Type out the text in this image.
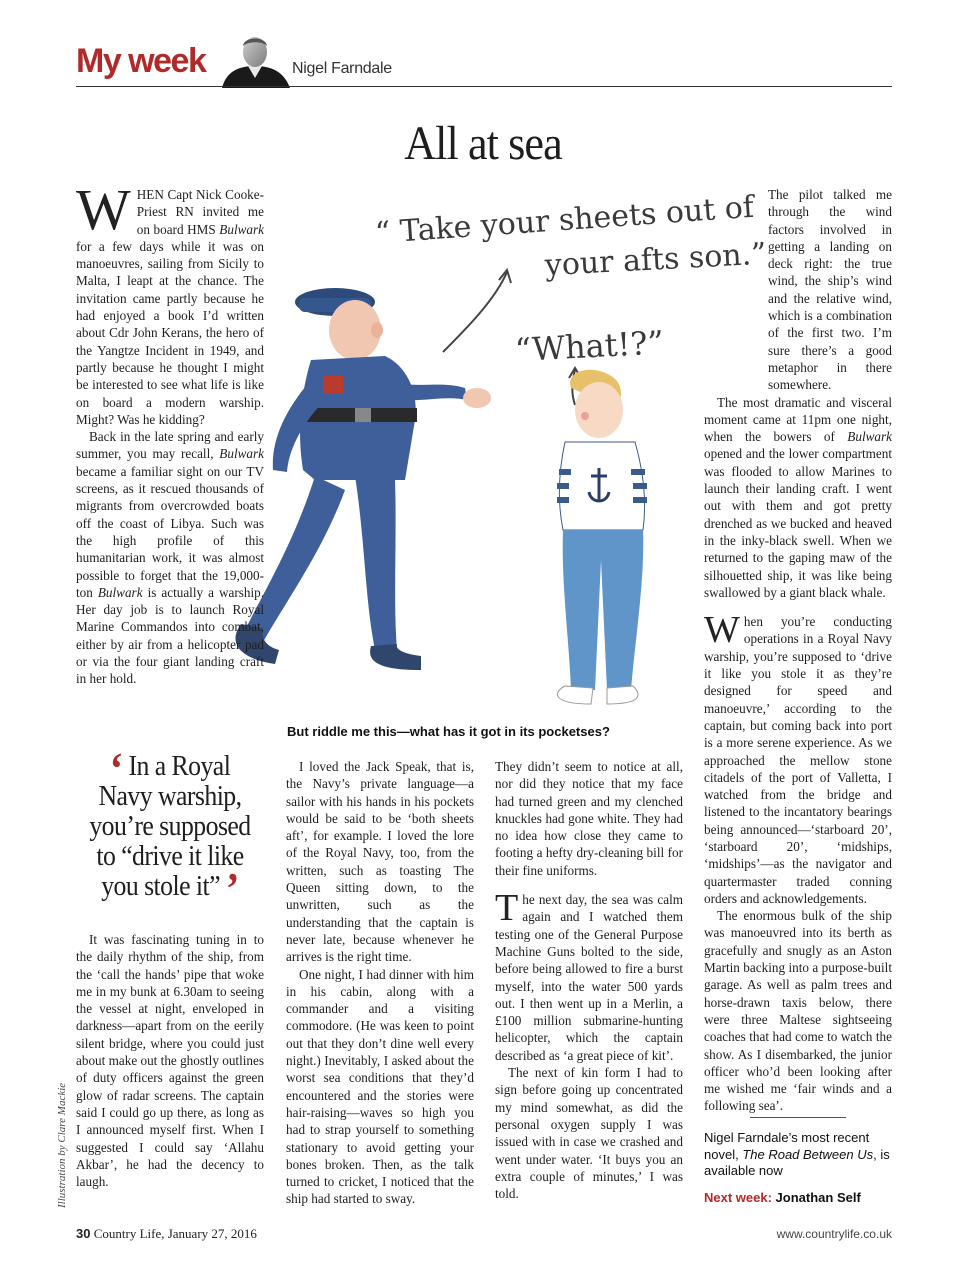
My week	Nigel Farndale
All at sea
“ Take your sheets out of
your afts son.”
“What!?”
But riddle me this—what has it got in its pocketses?

WHEN Capt Nick Cooke-Priest RN invited me on board HMS Bulwark for a few days while it was on manoeuvres, sailing from Sicily to Malta, I leapt at the chance. The invitation came partly because he had enjoyed a book I’d written about Cdr John Kerans, the hero of the Yangtze Incident in 1949, and partly because he thought I might be interested to see what life is like on board a modern warship. Might? Was he kidding?

Back in the late spring and early summer, you may recall, Bulwark became a familiar sight on our TV screens, as it rescued thousands of migrants from overcrowded boats off the coast of Libya. Such was the high profile of this humanitarian work, it was almost possible to forget that the 19,000-ton Bulwark is actually a warship. Her day job is to launch Royal Marine Commandos into combat, either by air from a helicopter pad or via the four giant landing craft in her hold.

‘ In a Royal Navy warship, you’re supposed to “drive it like you stole it” ’

It was fascinating tuning in to the daily rhythm of the ship, from the ‘call the hands’ pipe that woke me in my bunk at 6.30am to seeing the vessel at night, enveloped in darkness—apart from on the eerily silent bridge, where you could just about make out the ghostly outlines of duty officers against the green glow of radar screens. The captain said I could go up there, as long as I announced myself first. When I suggested I could say ‘Allahu Akbar’, he had the decency to laugh.

I loved the Jack Speak, that is, the Navy’s private language—a sailor with his hands in his pockets would be said to be ‘both sheets aft’, for example. I loved the lore of the Royal Navy, too, from the written, such as toasting The Queen sitting down, to the unwritten, such as the understanding that the captain is never late, because whenever he arrives is the right time.

One night, I had dinner with him in his cabin, along with a commander and a visiting commodore. (He was keen to point out that they don’t dine well every night.) Inevitably, I asked about the worst sea conditions that they’d encountered and the stories were hair-raising—waves so high you had to strap yourself to something stationary to avoid getting your bones broken. Then, as the talk turned to cricket, I noticed that the ship had started to sway.

They didn’t seem to notice at all, nor did they notice that my face had turned green and my clenched knuckles had gone white. They had no idea how close they came to footing a hefty dry-cleaning bill for their fine uniforms.

The next day, the sea was calm again and I watched them testing one of the General Purpose Machine Guns bolted to the side, before being allowed to fire a burst myself, into the water 500 yards out. I then went up in a Merlin, a £100 million submarine-hunting helicopter, which the captain described as ‘a great piece of kit’.

The next of kin form I had to sign before going up concentrated my mind somewhat, as did the personal oxygen supply I was issued with in case we crashed and went under water. ‘It buys you an extra couple of minutes,’ I was told.

The pilot talked me through the wind factors involved in getting a landing on deck right: the true wind, the ship’s wind and the relative wind, which is a combination of the first two. I’m sure there’s a good metaphor in there somewhere.

The most dramatic and visceral moment came at 11pm one night, when the bowers of Bulwark opened and the lower compartment was flooded to allow Marines to launch their landing craft. I went out with them and got pretty drenched as we bucked and heaved in the inky-black swell. When we returned to the gaping maw of the silhouetted ship, it was like being swallowed by a giant black whale.

When you’re conducting operations in a Royal Navy warship, you’re supposed to ‘drive it like you stole it as they’re designed for speed and manoeuvre,’ according to the captain, but coming back into port is a more serene experience. As we approached the mellow stone citadels of the port of Valletta, I watched from the bridge and listened to the incantatory bearings being announced—‘starboard 20’, ‘starboard 20’, ‘midships, ‘midships’—as the navigator and quartermaster traded conning orders and acknowledgements.

The enormous bulk of the ship was manoeuvred into its berth as gracefully and snugly as an Aston Martin backing into a purpose-built garage. As well as palm trees and horse-drawn taxis below, there were three Maltese sightseeing coaches that had come to watch the show. As I disembarked, the junior officer who’d been looking after me wished me ‘fair winds and a following sea’.

Nigel Farndale’s most recent novel, The Road Between Us, is available now
Next week: Jonathan Self
Illustration by Clare Mackie
30 Country Life, January 27, 2016	www.countrylife.co.uk
